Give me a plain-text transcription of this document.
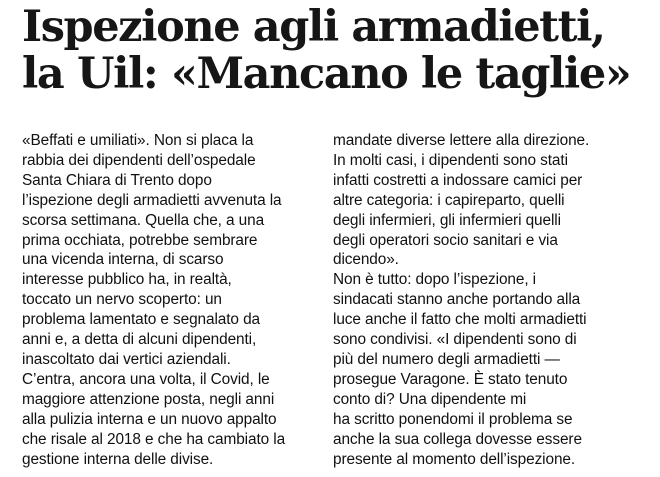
Ispezione agli armadietti,
la Uil: «Mancano le taglie»
«Beffati e umiliati». Non si placa la
rabbia dei dipendenti dell’ospedale
Santa Chiara di Trento dopo
l’ispezione degli armadietti avvenuta la
scorsa settimana. Quella che, a una
prima occhiata, potrebbe sembrare
una vicenda interna, di scarso
interesse pubblico ha, in realtà,
toccato un nervo scoperto: un
problema lamentato e segnalato da
anni e, a detta di alcuni dipendenti,
inascoltato dai vertici aziendali.
C’entra, ancora una volta, il Covid, le
maggiore attenzione posta, negli anni
alla pulizia interna e un nuovo appalto
che risale al 2018 e che ha cambiato la
gestione interna delle divise.
mandate diverse lettere alla direzione.
In molti casi, i dipendenti sono stati
infatti costretti a indossare camici per
altre categoria: i capireparto, quelli
degli infermieri, gli infermieri quelli
degli operatori socio sanitari e via
dicendo».
Non è tutto: dopo l’ispezione, i
sindacati stanno anche portando alla
luce anche il fatto che molti armadietti
sono condivisi. «I dipendenti sono di
più del numero degli armadietti —
prosegue Varagone. È stato tenuto
conto di? Una dipendente mi
ha scritto ponendomi il problema se
anche la sua collega dovesse essere
presente al momento dell’ispezione.
